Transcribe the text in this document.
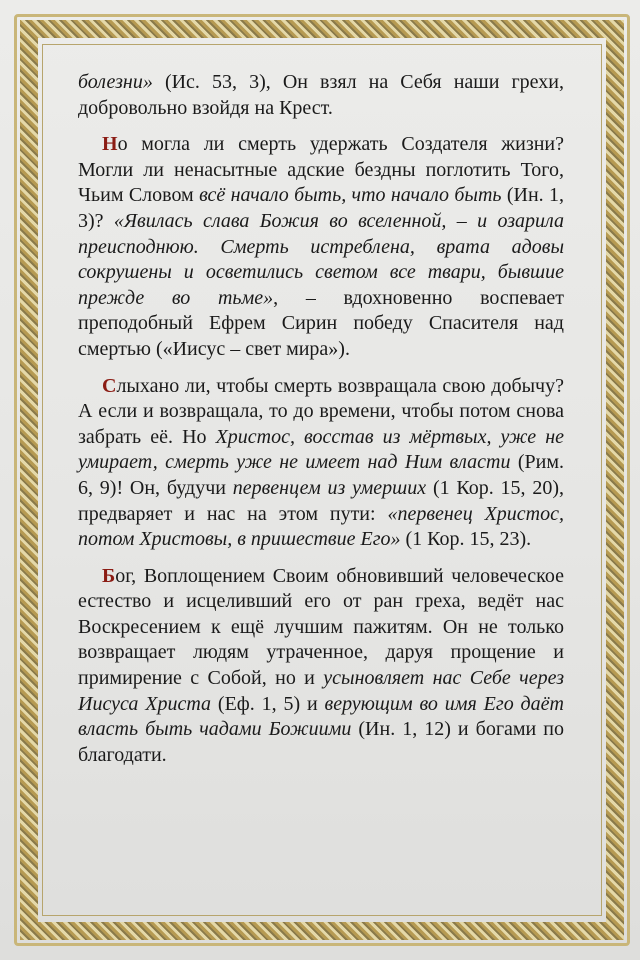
болезни» (Ис. 53, 3), Он взял на Себя наши грехи, добровольно взойдя на Крест.

Но могла ли смерть удержать Создателя жизни? Могли ли ненасытные адские бездны поглотить Того, Чьим Словом всё начало быть, что начало быть (Ин. 1, 3)? «Явилась слава Божия во вселенной, – и озарила преисподнюю. Смерть истреблена, врата адовы сокрушены и осветились светом все твари, бывшие прежде во тьме», – вдохновенно воспевает преподобный Ефрем Сирин победу Спасителя над смертью («Иисус – свет мира»).

Слыхано ли, чтобы смерть возвращала свою добычу? А если и возвращала, то до времени, чтобы потом снова забрать её. Но Христос, восстав из мёртвых, уже не умирает, смерть уже не имеет над Ним власти (Рим. 6, 9)! Он, будучи первенцем из умерших (1 Кор. 15, 20), предваряет и нас на этом пути: «первенец Христос, потом Христовы, в пришествие Его» (1 Кор. 15, 23).

Бог, Воплощением Своим обновивший человеческое естество и исцеливший его от ран греха, ведёт нас Воскресением к ещё лучшим пажитям. Он не только возвращает людям утраченное, даруя прощение и примирение с Собой, но и усыновляет нас Себе через Иисуса Христа (Еф. 1, 5) и верующим во имя Его даёт власть быть чадами Божиими (Ин. 1, 12) и богами по благодати.
